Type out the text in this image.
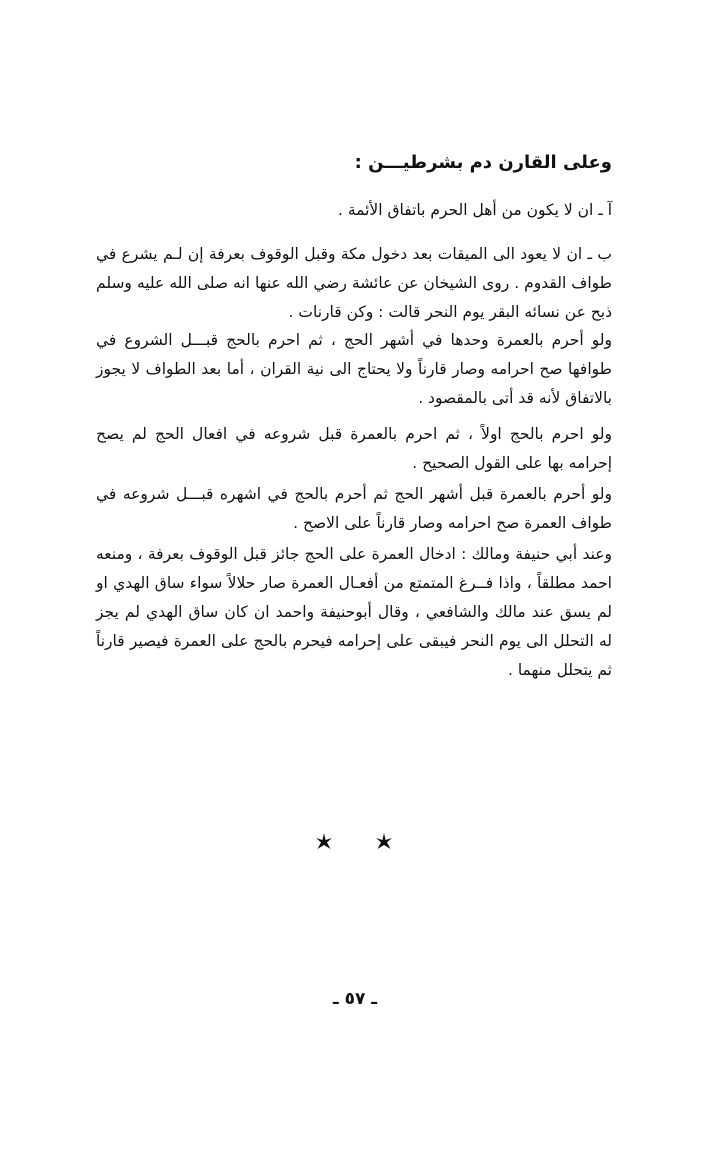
وعلى القارن دم بشرطيـــن :

آ ـ ان لا يكون من أهل الحرم باتفاق الأئمة .

ب ـ ان لا يعود الى الميقات بعد دخول مكة وقبل الوقوف بعرفة إن لـم يشرع في طواف القدوم . روى الشيخان عن عائشة رضي الله عنها انه صلى الله عليه وسلم ذبح عن نسائه البقر يوم النحر قالت : وكن قارنات .

ولو أحرم بالعمرة وحدها في أشهر الحج ، ثم احرم بالحج قبـــل الشروع في طوافها صح احرامه وصار قارناً ولا يحتاج الى نية القران ، أما بعد الطواف لا يجوز بالاتفاق لأنه قد أتى بالمقصود .

ولو احرم بالحج اولاً ، ثم احرم بالعمرة قبل شروعه في افعال الحج لم يصح إحرامه بها على القول الصحيح .

ولو أحرم بالعمرة قبل أشهر الحج ثم أحرم بالحج في اشهره قبـــل شروعه في طواف العمرة صح احرامه وصار قارناً على الاصح .

وعند أبي حنيفة ومالك : ادخال العمرة على الحج جائز قبل الوقوف بعرفة ، ومنعه احمد مطلقاً ، واذا فــرغ المتمتع من أفعـال العمرة صار حلالاً سواء ساق الهدي او لم يسق عند مالك والشافعي ، وقال أبوحنيفة واحمد ان كان ساق الهدي لم يجز له التحلل الى يوم النحر فيبقى على إحرامه فيحرم بالحج على العمرة فيصير قارناً ثم يتحلل منهما .

ـ ٥٧ ـ
